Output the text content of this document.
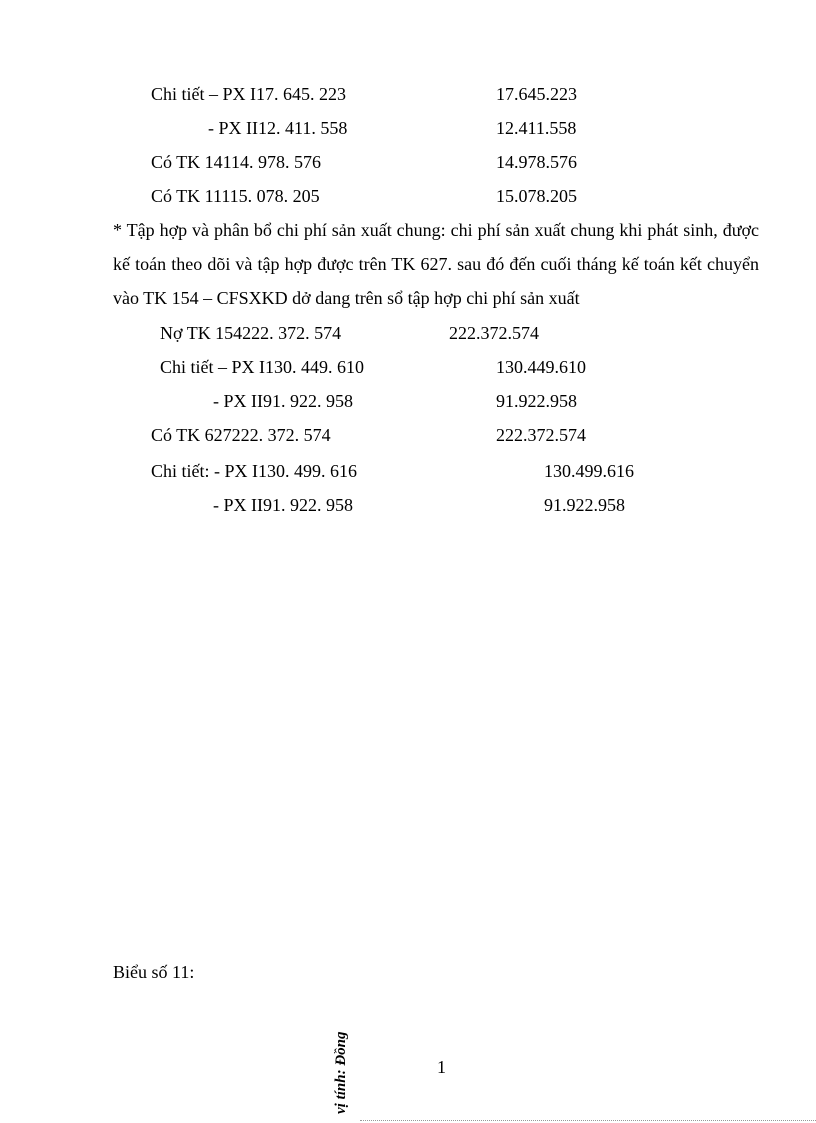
Chi tiết – PX I17. 645. 223	17.645.223
- PX II12. 411. 558	12.411.558
Có TK 14114. 978. 576	14.978.576
Có TK 11115. 078. 205	15.078.205
* Tập hợp và phân bổ chi phí sản xuất chung: chi phí sản xuất chung khi phát sinh, được kế toán theo dõi và tập hợp được trên TK 627. sau đó đến cuối tháng kế toán kết chuyển vào TK 154 – CFSXKD dở dang trên sổ tập hợp chi phí sản xuất
Nợ TK 154222. 372. 574	222.372.574
Chi tiết – PX I130. 449. 610	130.449.610
- PX II91. 922. 958	91.922.958
Có TK 627222. 372. 574	222.372.574
Chi tiết: - PX I130. 499. 616	130.499.616
- PX II91. 922. 958	91.922.958
Biểu số 11:
vị tính: Đồng	1
